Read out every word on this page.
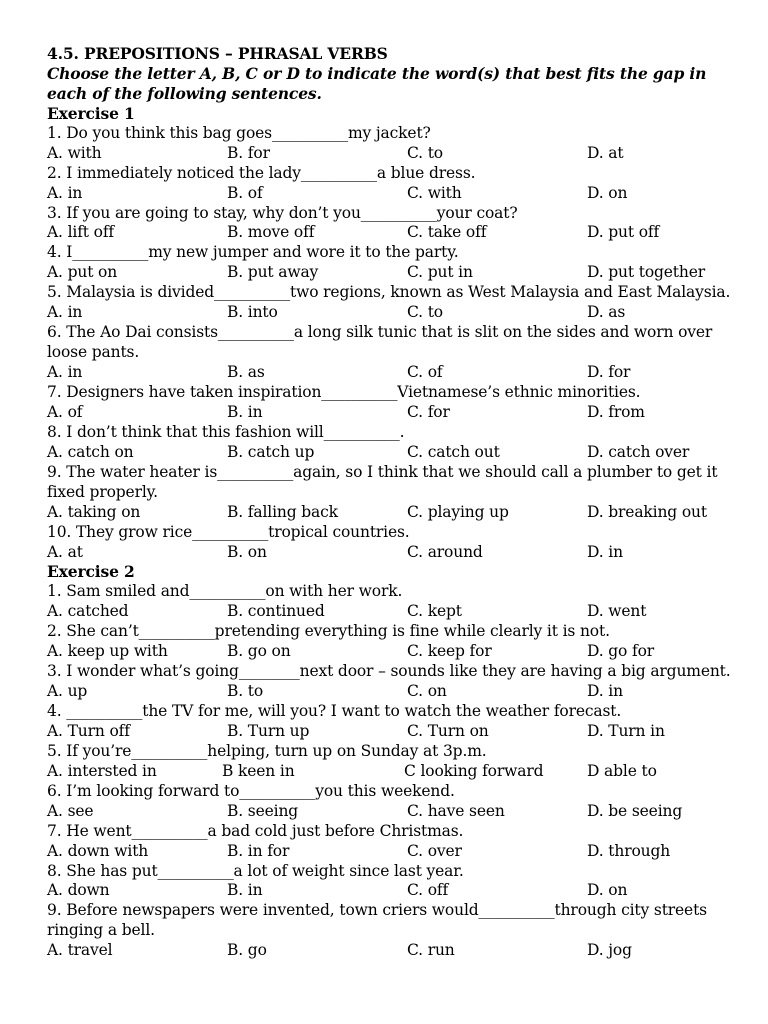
4.5. PREPOSITIONS – PHRASAL VERBS
Choose the letter A, B, C or D to indicate the word(s) that best fits the gap in each of the following sentences.
Exercise 1
1. Do you think this bag goes__________my jacket?
A. with	B. for	C. to	D. at
2. I immediately noticed the lady__________a blue dress.
A. in	B. of	C. with	D. on
3. If you are going to stay, why don’t you__________your coat?
A. lift off	B. move off	C. take off	D. put off
4. I__________my new jumper and wore it to the party.
A. put on	B. put away	C. put in	D. put together
5. Malaysia is divided__________two regions, known as West Malaysia and East Malaysia.
A. in	B. into	C. to	D. as
6. The Ao Dai consists__________a long silk tunic that is slit on the sides and worn over loose pants.
A. in	B. as	C. of	D. for
7. Designers have taken inspiration__________Vietnamese’s ethnic minorities.
A. of	B. in	C. for	D. from
8. I don’t think that this fashion will__________.
A. catch on	B. catch up	C. catch out	D. catch over
9. The water heater is__________again, so I think that we should call a plumber to get it fixed properly.
A. taking on	B. falling back	C. playing up	D. breaking out
10. They grow rice__________tropical countries.
A. at	B. on	C. around	D. in
Exercise 2
1. Sam smiled and__________on with her work.
A. catched	B. continued	C. kept	D. went
2. She can’t__________pretending everything is fine while clearly it is not.
A. keep up with	B. go on	C. keep for	D. go for
3. I wonder what’s going________next door – sounds like they are having a big argument.
A. up	B. to	C. on	D. in
4. __________the TV for me, will you? I want to watch the weather forecast.
A. Turn off	B. Turn up	C. Turn on	D. Turn in
5. If you’re__________helping, turn up on Sunday at 3p.m.
A. intersted in	B keen in	C looking forward	D able to
6. I’m looking forward to__________you this weekend.
A. see	B. seeing	C. have seen	D. be seeing
7. He went__________a bad cold just before Christmas.
A. down with	B. in for	C. over	D. through
8. She has put__________a lot of weight since last year.
A. down	B. in	C. off	D. on
9. Before newspapers were invented, town criers would__________through city streets ringing a bell.
A. travel	B. go	C. run	D. jog
